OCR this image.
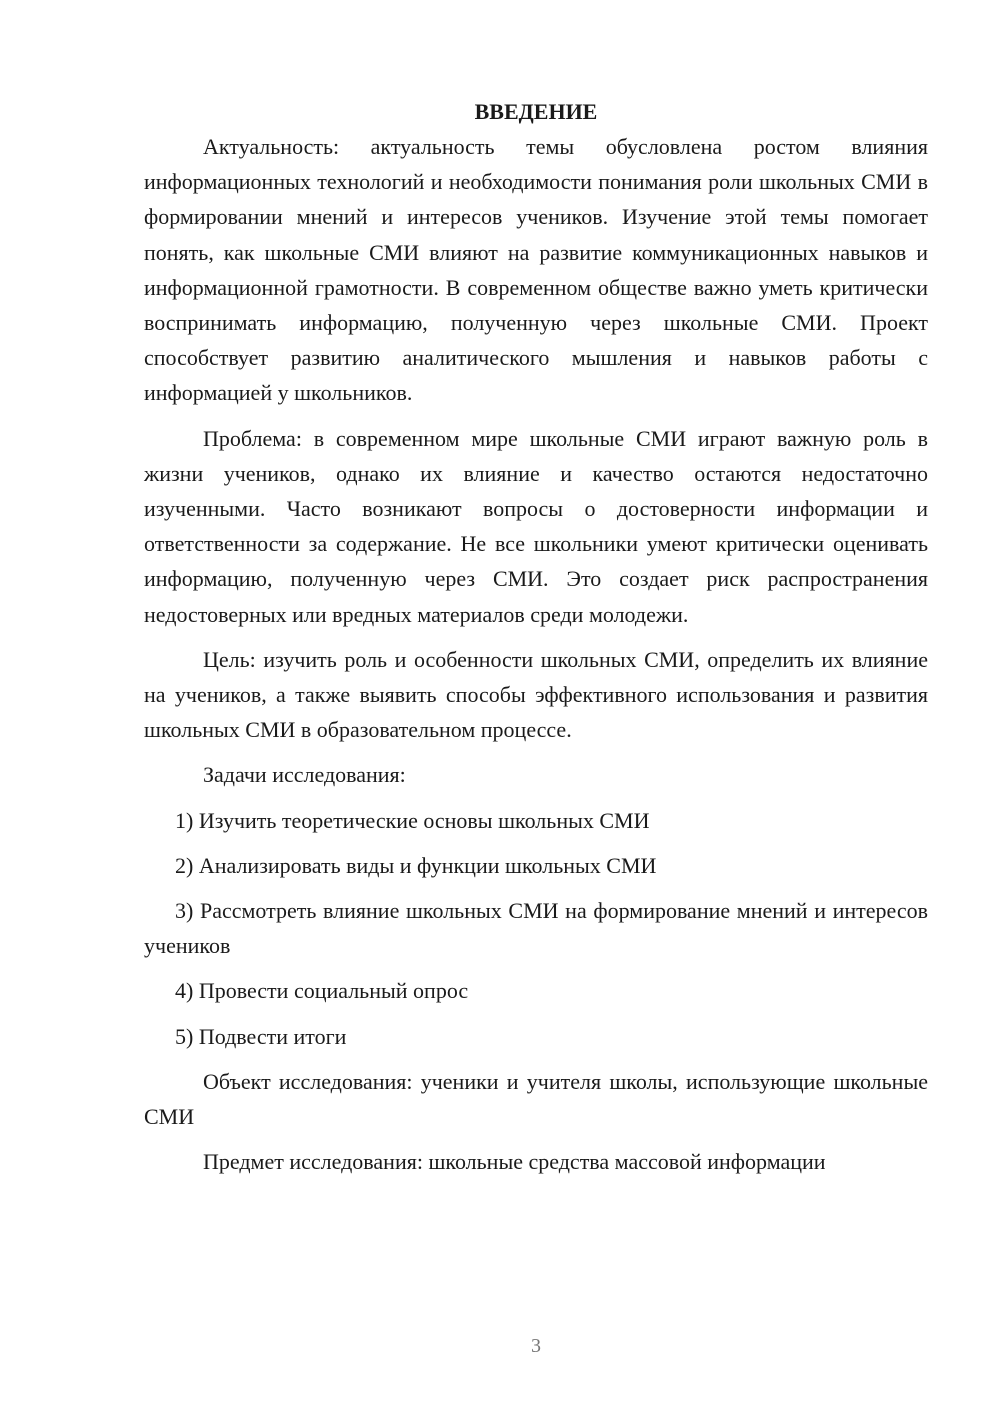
ВВЕДЕНИЕ

Актуальность: актуальность темы обусловлена ростом влияния информационных технологий и необходимости понимания роли школьных СМИ в формировании мнений и интересов учеников. Изучение этой темы помогает понять, как школьные СМИ влияют на развитие коммуникационных навыков и информационной грамотности. В современном обществе важно уметь критически воспринимать информацию, полученную через школьные СМИ. Проект способствует развитию аналитического мышления и навыков работы с информацией у школьников.

Проблема: в современном мире школьные СМИ играют важную роль в жизни учеников, однако их влияние и качество остаются недостаточно изученными. Часто возникают вопросы о достоверности информации и ответственности за содержание. Не все школьники умеют критически оценивать информацию, полученную через СМИ. Это создает риск распространения недостоверных или вредных материалов среди молодежи.

Цель: изучить роль и особенности школьных СМИ, определить их влияние на учеников, а также выявить способы эффективного использования и развития школьных СМИ в образовательном процессе.

Задачи исследования:

1) Изучить теоретические основы школьных СМИ

2) Анализировать виды и функции школьных СМИ

3) Рассмотреть влияние школьных СМИ на формирование мнений и интересов учеников

4) Провести социальный опрос

5) Подвести итоги

Объект исследования: ученики и учителя школы, использующие школьные СМИ

Предмет исследования: школьные средства массовой информации

3
